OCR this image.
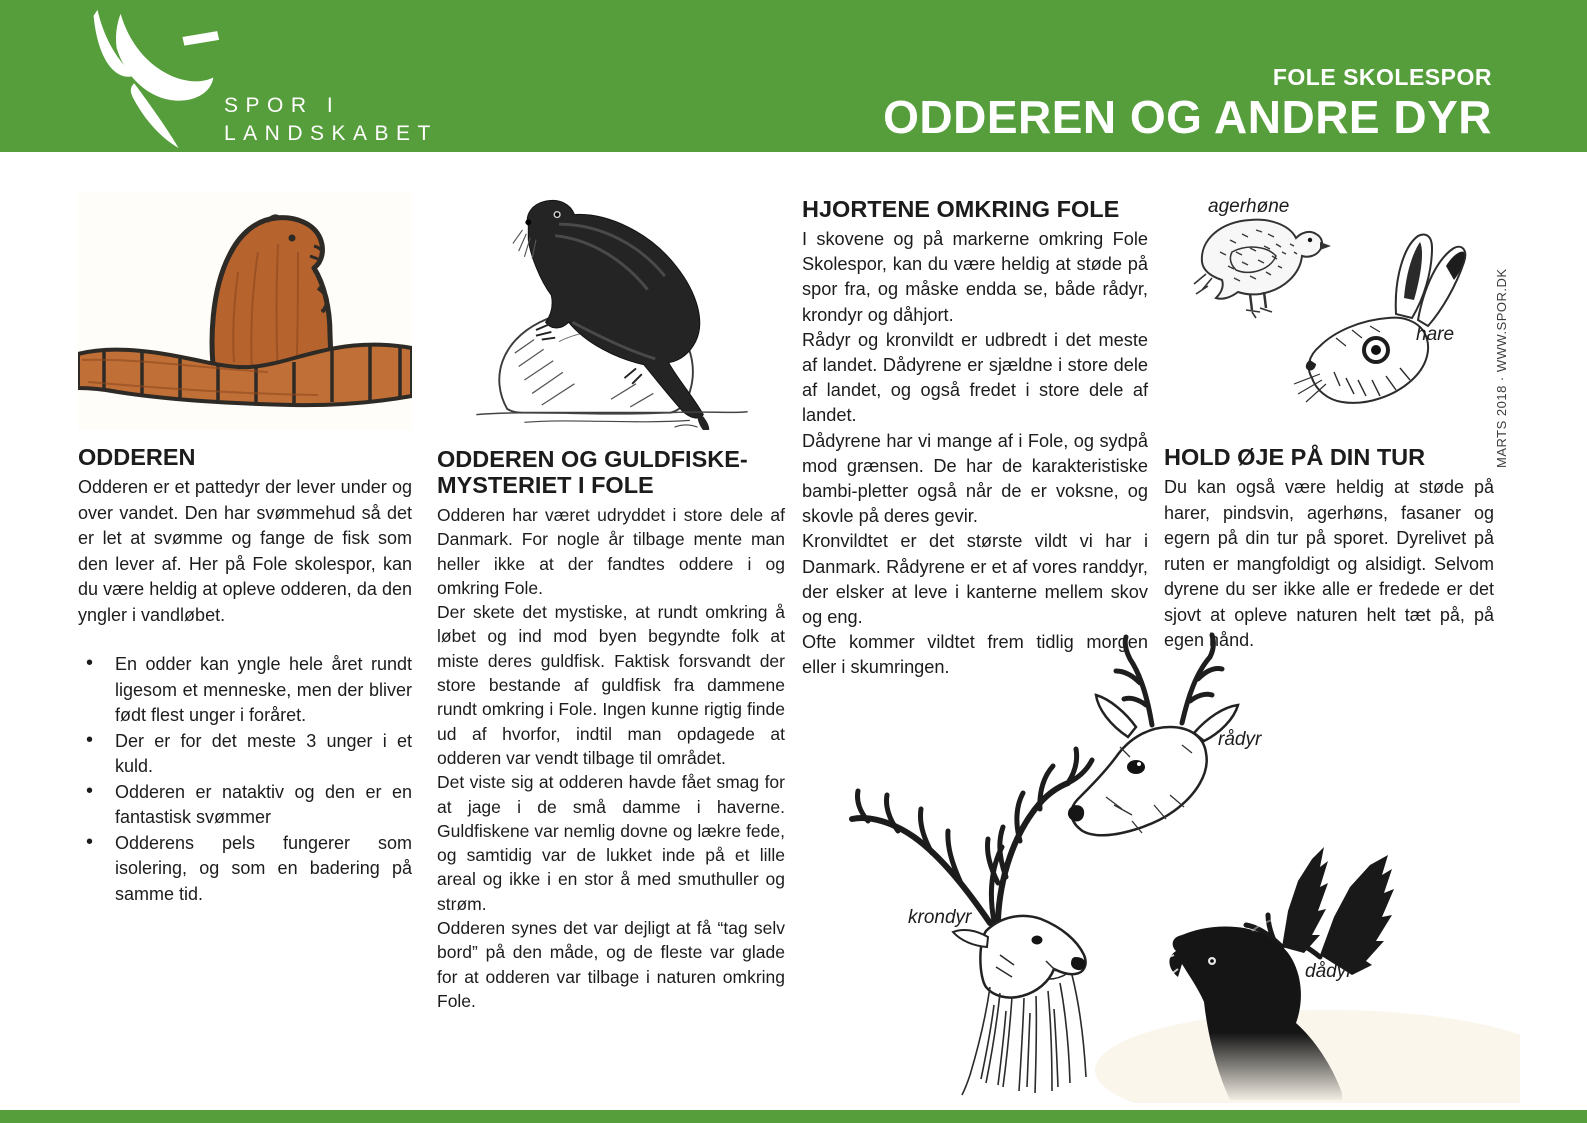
SPOR I
LANDSKABET
FOLE SKOLESPOR
ODDEREN OG ANDRE DYR
ODDEREN

Odderen er et pattedyr der lever under og over vandet. Den har svømmehud så det er let at svømme og fange de fisk som den lever af. Her på Fole skolespor, kan du være heldig at opleve odderen, da den yngler i vandløbet.

• En odder kan yngle hele året rundt ligesom et menneske, men der bliver født flest unger i foråret.
• Der er for det meste 3 unger i et kuld.
• Odderen er nataktiv og den er en fantastisk svømmer
• Odderens pels fungerer som isolering, og som en badering på samme tid.
ODDEREN OG GULDFISKE-MYSTERIET I FOLE

Odderen har været udryddet i store dele af Danmark. For nogle år tilbage mente man heller ikke at der fandtes oddere i og omkring Fole.

Der skete det mystiske, at rundt omkring å løbet og ind mod byen begyndte folk at miste deres guldfisk. Faktisk forsvandt der store bestande af guldfisk fra dammene rundt omkring i Fole. Ingen kunne rigtig finde ud af hvorfor, indtil man opdagede at odderen var vendt tilbage til området.

Det viste sig at odderen havde fået smag for at jage i de små damme i haverne. Guldfiskene var nemlig dovne og lækre fede, og samtidig var de lukket inde på et lille areal og ikke i en stor å med smuthuller og strøm.

Odderen synes det var dejligt at få “tag selv bord” på den måde, og de fleste var glade for at odderen var tilbage i naturen omkring Fole.

HJORTENE OMKRING FOLE

I skovene og på markerne omkring Fole Skolespor, kan du være heldig at støde på spor fra, og måske endda se, både rådyr, krondyr og dåhjort.

Rådyr og kronvildt er udbredt i det meste af landet. Dådyrene er sjældne i store dele af landet, og også fredet i store dele af landet.

Dådyrene har vi mange af i Fole, og sydpå mod grænsen. De har de karakteristiske bambi-pletter også når de er voksne, og skovle på deres gevir.

Kronvildtet er det største vildt vi har i Danmark. Rådyrene er et af vores randdyr, der elsker at leve i kanterne mellem skov og eng.

Ofte kommer vildtet frem tidlig morgen eller i skumringen.

agerhøne
hare
HOLD ØJE PÅ DIN TUR

Du kan også være heldig at støde på harer, pindsvin, agerhøns, fasaner og egern på din tur på sporet. Dyrelivet på ruten er mangfoldigt og alsidigt. Selvom dyrene du ser ikke alle er fredede er det sjovt at opleve naturen helt tæt på, på egen hånd.

rådyr
krondyr
dådyr
MARTS 2018 · WWW.SPOR.DK
